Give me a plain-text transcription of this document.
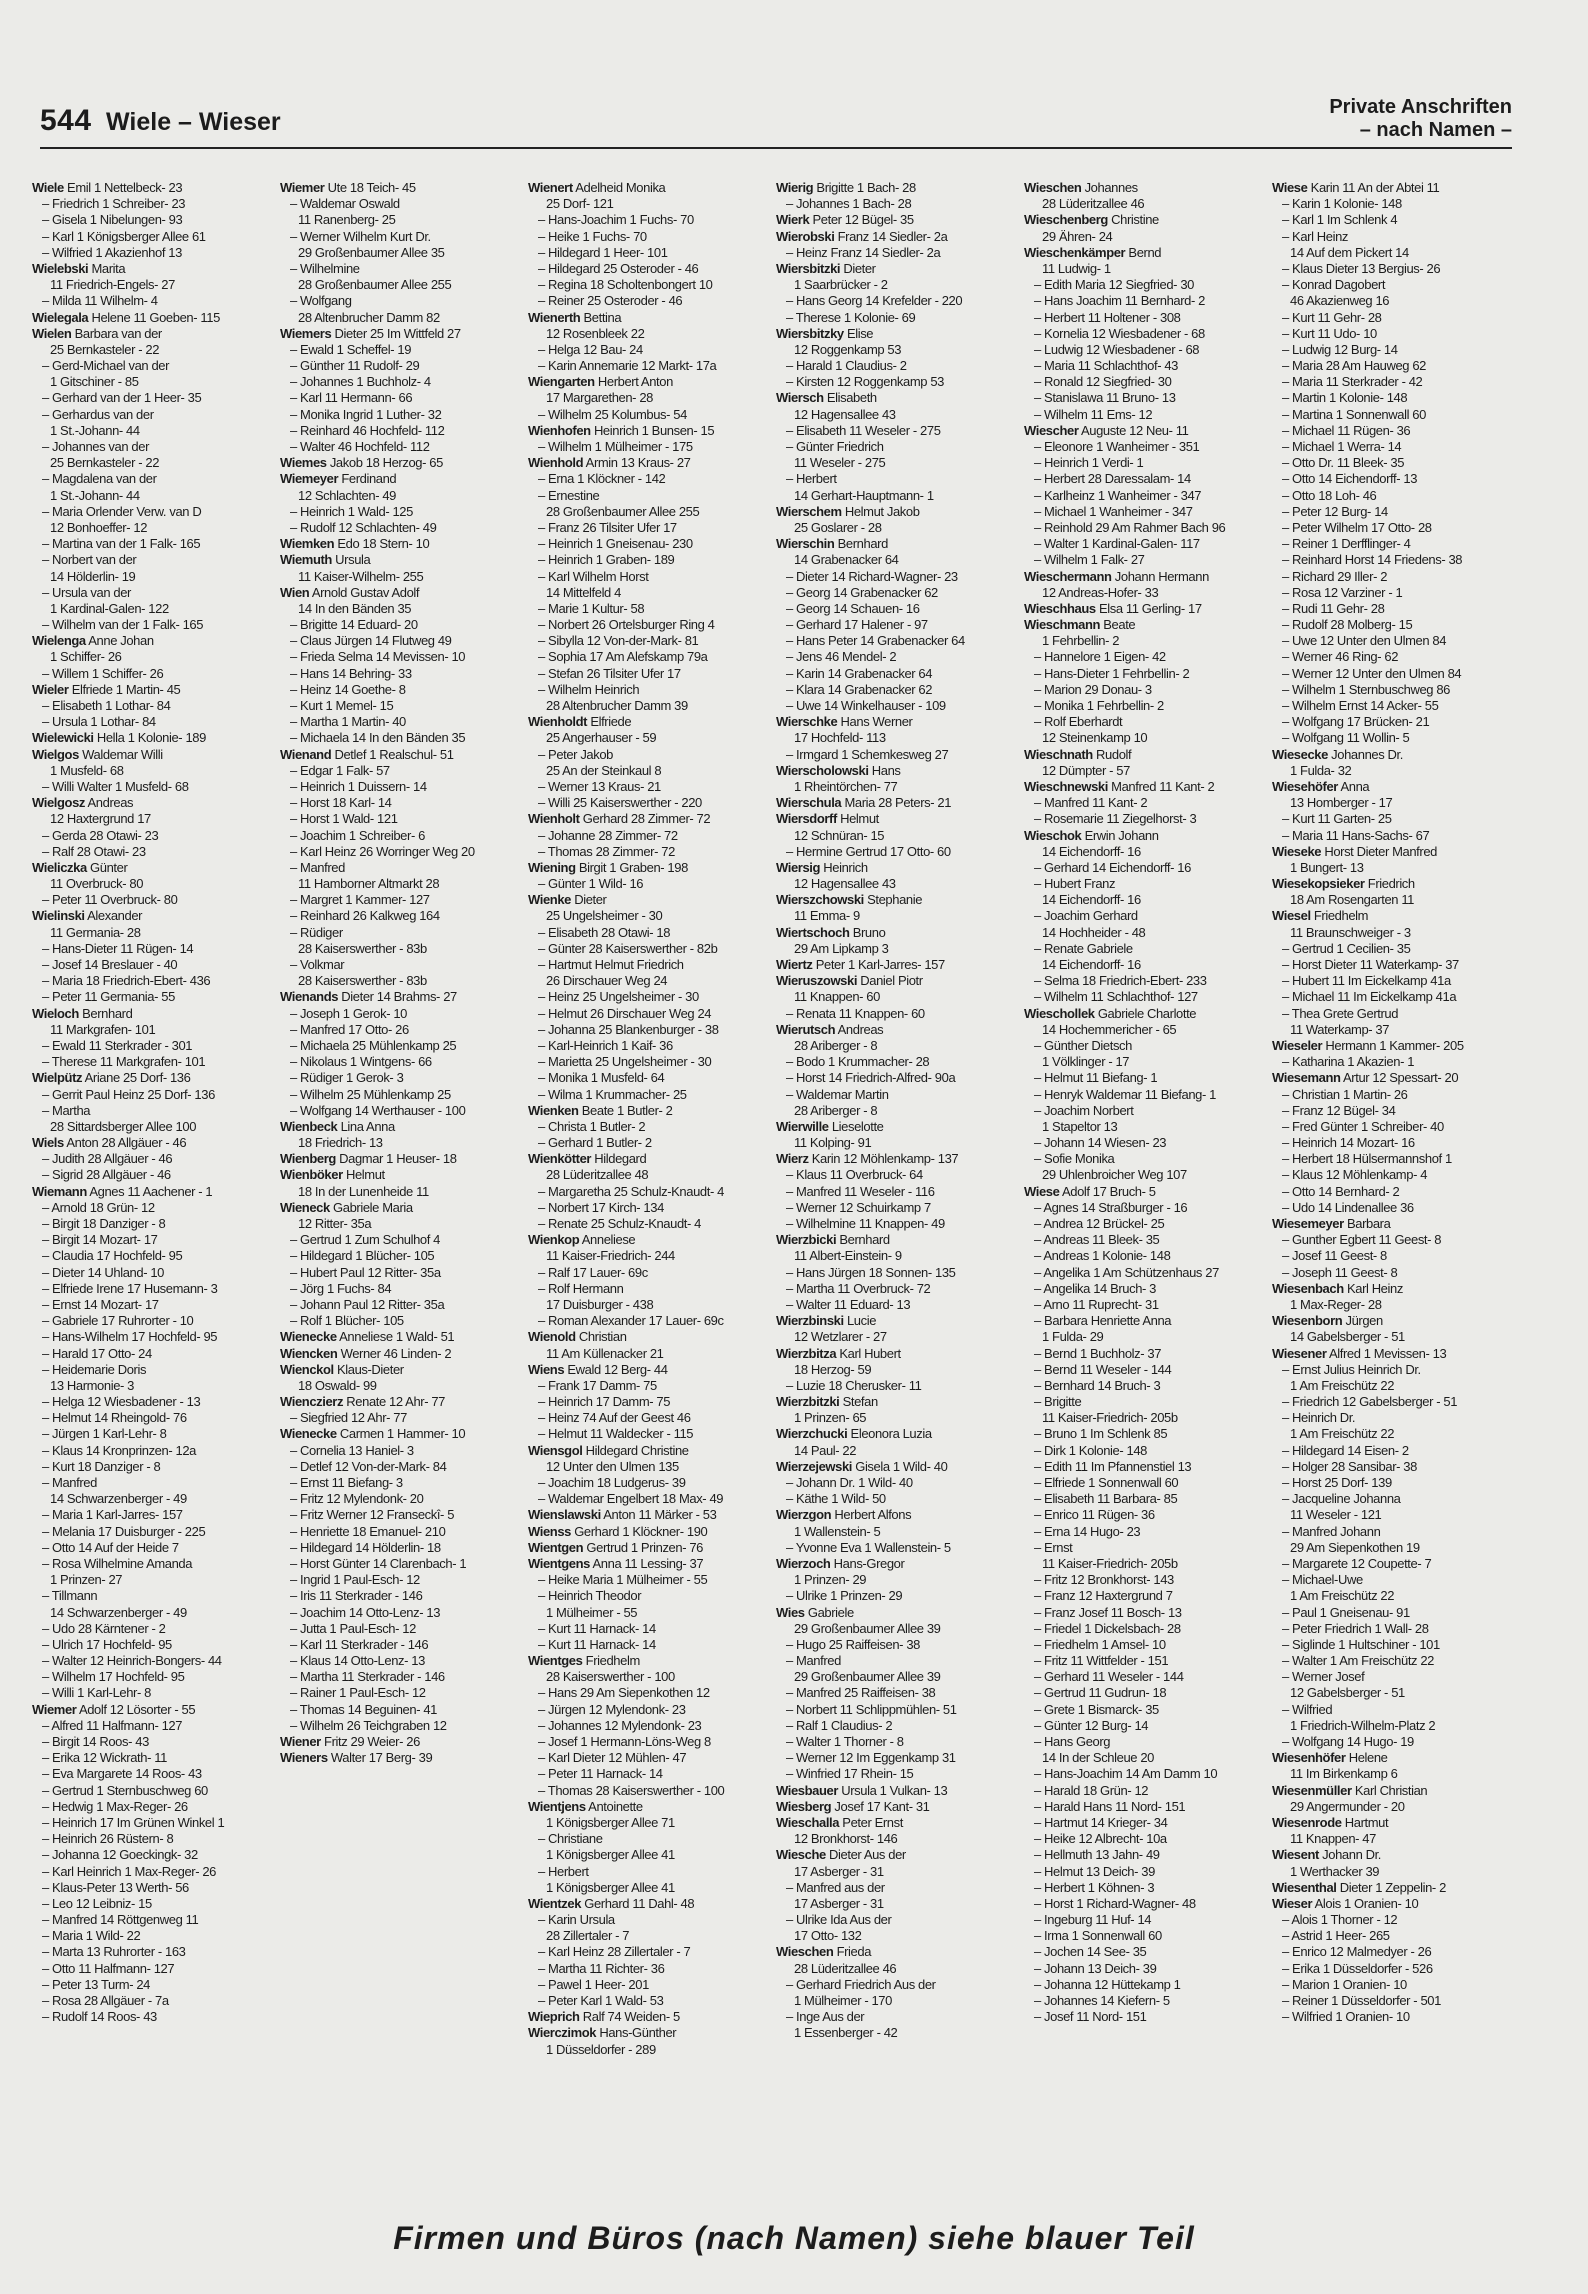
544 Wiele – Wieser
Private Anschriften
– nach Namen –
Wiele Emil 1 Nettelbeck- 23
– Friedrich 1 Schreiber- 23
– Gisela 1 Nibelungen- 93
– Karl 1 Königsberger Allee 61
– Wilfried 1 Akazienhof 13
Wielebski Marita
11 Friedrich-Engels- 27
– Milda 11 Wilhelm- 4
Wielegala Helene 11 Goeben- 115
Wielen Barbara van der
25 Bernkasteler - 22
– Gerd-Michael van der
1 Gitschiner - 85
– Gerhard van der 1 Heer- 35
– Gerhardus van der
1 St.-Johann- 44
– Johannes van der
25 Bernkasteler - 22
– Magdalena van der
1 St.-Johann- 44
– Maria Orlender Verw. van D
12 Bonhoeffer- 12
– Martina van der 1 Falk- 165
– Norbert van der
14 Hölderlin- 19
– Ursula van der
1 Kardinal-Galen- 122
– Wilhelm van der 1 Falk- 165
Wielenga Anne Johan
1 Schiffer- 26
– Willem 1 Schiffer- 26
Wieler Elfriede 1 Martin- 45
– Elisabeth 1 Lothar- 84
– Ursula 1 Lothar- 84
Wielewicki Hella 1 Kolonie- 189
Wielgos Waldemar Willi
1 Musfeld- 68
– Willi Walter 1 Musfeld- 68
Wielgosz Andreas
12 Haxtergrund 17
– Gerda 28 Otawi- 23
– Ralf 28 Otawi- 23
Wieliczka Günter
11 Overbruck- 80
– Peter 11 Overbruck- 80
Wielinski Alexander
11 Germania- 28
– Hans-Dieter 11 Rügen- 14
– Josef 14 Breslauer - 40
– Maria 18 Friedrich-Ebert- 436
– Peter 11 Germania- 55
Wieloch Bernhard
11 Markgrafen- 101
– Ewald 11 Sterkrader - 301
– Therese 11 Markgrafen- 101
Wielpütz Ariane 25 Dorf- 136
– Gerrit Paul Heinz 25 Dorf- 136
– Martha
28 Sittardsberger Allee 100
Wiels Anton 28 Allgäuer - 46
– Judith 28 Allgäuer - 46
– Sigrid 28 Allgäuer - 46
Wiemann Agnes 11 Aachener - 1
– Arnold 18 Grün- 12
– Birgit 18 Danziger - 8
– Birgit 14 Mozart- 17
– Claudia 17 Hochfeld- 95
– Dieter 14 Uhland- 10
– Elfriede Irene 17 Husemann- 3
– Ernst 14 Mozart- 17
– Gabriele 17 Ruhrorter - 10
– Hans-Wilhelm 17 Hochfeld- 95
– Harald 17 Otto- 24
– Heidemarie Doris
13 Harmonie- 3
– Helga 12 Wiesbadener - 13
– Helmut 14 Rheingold- 76
– Jürgen 1 Karl-Lehr- 8
– Klaus 14 Kronprinzen- 12a
– Kurt 18 Danziger - 8
– Manfred
14 Schwarzenberger - 49
– Maria 1 Karl-Jarres- 157
– Melania 17 Duisburger - 225
– Otto 14 Auf der Heide 7
– Rosa Wilhelmine Amanda
1 Prinzen- 27
– Tillmann
14 Schwarzenberger - 49
– Udo 28 Kärntener - 2
– Ulrich 17 Hochfeld- 95
– Walter 12 Heinrich-Bongers- 44
– Wilhelm 17 Hochfeld- 95
– Willi 1 Karl-Lehr- 8
Wiemer Adolf 12 Lösorter - 55
– Alfred 11 Halfmann- 127
– Birgit 14 Roos- 43
– Erika 12 Wickrath- 11
– Eva Margarete 14 Roos- 43
– Gertrud 1 Sternbuschweg 60
– Hedwig 1 Max-Reger- 26
– Heinrich 17 Im Grünen Winkel 1
– Heinrich 26 Rüstern- 8
– Johanna 12 Goeckingk- 32
– Karl Heinrich 1 Max-Reger- 26
– Klaus-Peter 13 Werth- 56
– Leo 12 Leibniz- 15
– Manfred 14 Röttgenweg 11
– Maria 1 Wild- 22
– Marta 13 Ruhrorter - 163
– Otto 11 Halfmann- 127
– Peter 13 Turm- 24
– Rosa 28 Allgäuer - 7a
– Rudolf 14 Roos- 43
Wiemer Ute 18 Teich- 45
– Waldemar Oswald
11 Ranenberg- 25
– Werner Wilhelm Kurt Dr.
29 Großenbaumer Allee 35
– Wilhelmine
28 Großenbaumer Allee 255
– Wolfgang
28 Altenbrucher Damm 82
Wiemers Dieter 25 Im Wittfeld 27
– Ewald 1 Scheffel- 19
– Günther 11 Rudolf- 29
– Johannes 1 Buchholz- 4
– Karl 11 Hermann- 66
– Monika Ingrid 1 Luther- 32
– Reinhard 46 Hochfeld- 112
– Walter 46 Hochfeld- 112
Wiemes Jakob 18 Herzog- 65
Wiemeyer Ferdinand
12 Schlachten- 49
– Heinrich 1 Wald- 125
– Rudolf 12 Schlachten- 49
Wiemken Edo 18 Stern- 10
Wiemuth Ursula
11 Kaiser-Wilhelm- 255
Wien Arnold Gustav Adolf
14 In den Bänden 35
– Brigitte 14 Eduard- 20
– Claus Jürgen 14 Flutweg 49
– Frieda Selma 14 Mevissen- 10
– Hans 14 Behring- 33
– Heinz 14 Goethe- 8
– Kurt 1 Memel- 15
– Martha 1 Martin- 40
– Michaela 14 In den Bänden 35
Wienand Detlef 1 Realschul- 51
– Edgar 1 Falk- 57
– Heinrich 1 Duissern- 14
– Horst 18 Karl- 14
– Horst 1 Wald- 121
– Joachim 1 Schreiber- 6
– Karl Heinz 26 Worringer Weg 20
– Manfred
11 Hamborner Altmarkt 28
– Margret 1 Kammer- 127
– Reinhard 26 Kalkweg 164
– Rüdiger
28 Kaiserswerther - 83b
– Volkmar
28 Kaiserswerther - 83b
Wienands Dieter 14 Brahms- 27
– Joseph 1 Gerok- 10
– Manfred 17 Otto- 26
– Michaela 25 Mühlenkamp 25
– Nikolaus 1 Wintgens- 66
– Rüdiger 1 Gerok- 3
– Wilhelm 25 Mühlenkamp 25
– Wolfgang 14 Werthauser - 100
Wienbeck Lina Anna
18 Friedrich- 13
Wienberg Dagmar 1 Heuser- 18
Wienböker Helmut
18 In der Lunenheide 11
Wieneck Gabriele Maria
12 Ritter- 35a
– Gertrud 1 Zum Schulhof 4
– Hildegard 1 Blücher- 105
– Hubert Paul 12 Ritter- 35a
– Jörg 1 Fuchs- 84
– Johann Paul 12 Ritter- 35a
– Rolf 1 Blücher- 105
Wienecke Anneliese 1 Wald- 51
Wiencken Werner 46 Linden- 2
Wienckol Klaus-Dieter
18 Oswald- 99
Wienczierz Renate 12 Ahr- 77
– Siegfried 12 Ahr- 77
Wienecke Carmen 1 Hammer- 10
– Cornelia 13 Haniel- 3
– Detlef 12 Von-der-Mark- 84
– Ernst 11 Biefang- 3
– Fritz 12 Mylendonk- 20
– Fritz Werner 12 Franseckî- 5
– Henriette 18 Emanuel- 210
– Hildegard 14 Hölderlin- 18
– Horst Günter 14 Clarenbach- 1
– Ingrid 1 Paul-Esch- 12
– Iris 11 Sterkrader - 146
– Joachim 14 Otto-Lenz- 13
– Jutta 1 Paul-Esch- 12
– Karl 11 Sterkrader - 146
– Klaus 14 Otto-Lenz- 13
– Martha 11 Sterkrader - 146
– Rainer 1 Paul-Esch- 12
– Thomas 14 Beguinen- 41
– Wilhelm 26 Teichgraben 12
Wiener Fritz 29 Weier- 26
Wieners Walter 17 Berg- 39
Wienert Adelheid Monika
25 Dorf- 121
– Hans-Joachim 1 Fuchs- 70
– Heike 1 Fuchs- 70
– Hildegard 1 Heer- 101
– Hildegard 25 Osteroder - 46
– Regina 18 Scholtenbongert 10
– Reiner 25 Osteroder - 46
Wienerth Bettina
12 Rosenbleek 22
– Helga 12 Bau- 24
– Karin Annemarie 12 Markt- 17a
Wiengarten Herbert Anton
17 Margarethen- 28
– Wilhelm 25 Kolumbus- 54
Wienhofen Heinrich 1 Bunsen- 15
– Wilhelm 1 Mülheimer - 175
Wienhold Armin 13 Kraus- 27
– Erna 1 Klöckner - 142
– Ernestine
28 Großenbaumer Allee 255
– Franz 26 Tilsiter Ufer 17
– Heinrich 1 Gneisenau- 230
– Heinrich 1 Graben- 189
– Karl Wilhelm Horst
14 Mittelfeld 4
– Marie 1 Kultur- 58
– Norbert 26 Ortelsburger Ring 4
– Sibylla 12 Von-der-Mark- 81
– Sophia 17 Am Alefskamp 79a
– Stefan 26 Tilsiter Ufer 17
– Wilhelm Heinrich
28 Altenbrucher Damm 39
Wienholdt Elfriede
25 Angerhauser - 59
– Peter Jakob
25 An der Steinkaul 8
– Werner 13 Kraus- 21
– Willi 25 Kaiserswerther - 220
Wienholt Gerhard 28 Zimmer- 72
– Johanne 28 Zimmer- 72
– Thomas 28 Zimmer- 72
Wiening Birgit 1 Graben- 198
– Günter 1 Wild- 16
Wienke Dieter
25 Ungelsheimer - 30
– Elisabeth 28 Otawi- 18
– Günter 28 Kaiserswerther - 82b
– Hartmut Helmut Friedrich
26 Dirschauer Weg 24
– Heinz 25 Ungelsheimer - 30
– Helmut 26 Dirschauer Weg 24
– Johanna 25 Blankenburger - 38
– Karl-Heinrich 1 Kaif- 36
– Marietta 25 Ungelsheimer - 30
– Monika 1 Musfeld- 64
– Wilma 1 Krummacher- 25
Wienken Beate 1 Butler- 2
– Christa 1 Butler- 2
– Gerhard 1 Butler- 2
Wienkötter Hildegard
28 Lüderitzallee 48
– Margaretha 25 Schulz-Knaudt- 4
– Norbert 17 Kirch- 134
– Renate 25 Schulz-Knaudt- 4
Wienkop Anneliese
11 Kaiser-Friedrich- 244
– Ralf 17 Lauer- 69c
– Rolf Hermann
17 Duisburger - 438
– Roman Alexander 17 Lauer- 69c
Wienold Christian
11 Am Küllenacker 21
Wiens Ewald 12 Berg- 44
– Frank 17 Damm- 75
– Heinrich 17 Damm- 75
– Heinz 74 Auf der Geest 46
– Helmut 11 Waldecker - 115
Wiensgol Hildegard Christine
12 Unter den Ulmen 135
– Joachim 18 Ludgerus- 39
– Waldemar Engelbert 18 Max- 49
Wienslawski Anton 11 Märker - 53
Wienss Gerhard 1 Klöckner- 190
Wientgen Gertrud 1 Prinzen- 76
Wientgens Anna 11 Lessing- 37
– Heike Maria 1 Mülheimer - 55
– Heinrich Theodor
1 Mülheimer - 55
– Kurt 11 Harnack- 14
– Kurt 11 Harnack- 14
Wientges Friedhelm
28 Kaiserswerther - 100
– Hans 29 Am Siepenkothen 12
– Jürgen 12 Mylendonk- 23
– Johannes 12 Mylendonk- 23
– Josef 1 Hermann-Löns-Weg 8
– Karl Dieter 12 Mühlen- 47
– Peter 11 Harnack- 14
– Thomas 28 Kaiserswerther - 100
Wientjens Antoinette
1 Königsberger Allee 71
– Christiane
1 Königsberger Allee 41
– Herbert
1 Königsberger Allee 41
Wientzek Gerhard 11 Dahl- 48
– Karin Ursula
28 Zillertaler - 7
– Karl Heinz 28 Zillertaler - 7
– Martha 11 Richter- 36
– Pawel 1 Heer- 201
– Peter Karl 1 Wald- 53
Wieprich Ralf 74 Weiden- 5
Wierczimok Hans-Günther
1 Düsseldorfer - 289
Wierig Brigitte 1 Bach- 28
– Johannes 1 Bach- 28
Wierk Peter 12 Bügel- 35
Wierobski Franz 14 Siedler- 2a
– Heinz Franz 14 Siedler- 2a
Wiersbitzki Dieter
1 Saarbrücker - 2
– Hans Georg 14 Krefelder - 220
– Therese 1 Kolonie- 69
Wiersbitzky Elise
12 Roggenkamp 53
– Harald 1 Claudius- 2
– Kirsten 12 Roggenkamp 53
Wiersch Elisabeth
12 Hagensallee 43
– Elisabeth 11 Weseler - 275
– Günter Friedrich
11 Weseler - 275
– Herbert
14 Gerhart-Hauptmann- 1
Wierschem Helmut Jakob
25 Goslarer - 28
Wierschin Bernhard
14 Grabenacker 64
– Dieter 14 Richard-Wagner- 23
– Georg 14 Grabenacker 62
– Georg 14 Schauen- 16
– Gerhard 17 Halener - 97
– Hans Peter 14 Grabenacker 64
– Jens 46 Mendel- 2
– Karin 14 Grabenacker 64
– Klara 14 Grabenacker 62
– Uwe 14 Winkelhauser - 109
Wierschke Hans Werner
17 Hochfeld- 113
– Irmgard 1 Schemkesweg 27
Wierscholowski Hans
1 Rheintörchen- 77
Wierschula Maria 28 Peters- 21
Wiersdorff Helmut
12 Schnüran- 15
– Hermine Gertrud 17 Otto- 60
Wiersig Heinrich
12 Hagensallee 43
Wierszchowski Stephanie
11 Emma- 9
Wiertschoch Bruno
29 Am Lipkamp 3
Wiertz Peter 1 Karl-Jarres- 157
Wieruszowski Daniel Piotr
11 Knappen- 60
– Renata 11 Knappen- 60
Wierutsch Andreas
28 Ariberger - 8
– Bodo 1 Krummacher- 28
– Horst 14 Friedrich-Alfred- 90a
– Waldemar Martin
28 Ariberger - 8
Wierwille Lieselotte
11 Kolping- 91
Wierz Karin 12 Möhlenkamp- 137
– Klaus 11 Overbruck- 64
– Manfred 11 Weseler - 116
– Werner 12 Schuirkamp 7
– Wilhelmine 11 Knappen- 49
Wierzbicki Bernhard
11 Albert-Einstein- 9
– Hans Jürgen 18 Sonnen- 135
– Martha 11 Overbruck- 72
– Walter 11 Eduard- 13
Wierzbinski Lucie
12 Wetzlarer - 27
Wierzbitza Karl Hubert
18 Herzog- 59
– Luzie 18 Cherusker- 11
Wierzbitzki Stefan
1 Prinzen- 65
Wierzchucki Eleonora Luzia
14 Paul- 22
Wierzejewski Gisela 1 Wild- 40
– Johann Dr. 1 Wild- 40
– Käthe 1 Wild- 50
Wierzgon Herbert Alfons
1 Wallenstein- 5
– Yvonne Eva 1 Wallenstein- 5
Wierzoch Hans-Gregor
1 Prinzen- 29
– Ulrike 1 Prinzen- 29
Wies Gabriele
29 Großenbaumer Allee 39
– Hugo 25 Raiffeisen- 38
– Manfred
29 Großenbaumer Allee 39
– Manfred 25 Raiffeisen- 38
– Norbert 11 Schlippmühlen- 51
– Ralf 1 Claudius- 2
– Walter 1 Thorner - 8
– Werner 12 Im Eggenkamp 31
– Winfried 17 Rhein- 15
Wiesbauer Ursula 1 Vulkan- 13
Wiesberg Josef 17 Kant- 31
Wieschalla Peter Ernst
12 Bronkhorst- 146
Wiesche Dieter Aus der
17 Asberger - 31
– Manfred aus der
17 Asberger - 31
– Ulrike Ida Aus der
17 Otto- 132
Wieschen Frieda
28 Lüderitzallee 46
– Gerhard Friedrich Aus der
1 Mülheimer - 170
– Inge Aus der
1 Essenberger - 42
Wieschen Johannes
28 Lüderitzallee 46
Wieschenberg Christine
29 Ähren- 24
Wieschenkämper Bernd
11 Ludwig- 1
– Edith Maria 12 Siegfried- 30
– Hans Joachim 11 Bernhard- 2
– Herbert 11 Holtener - 308
– Kornelia 12 Wiesbadener - 68
– Ludwig 12 Wiesbadener - 68
– Maria 11 Schlachthof- 43
– Ronald 12 Siegfried- 30
– Stanislawa 11 Bruno- 13
– Wilhelm 11 Ems- 12
Wiescher Auguste 12 Neu- 11
– Eleonore 1 Wanheimer - 351
– Heinrich 1 Verdi- 1
– Herbert 28 Daressalam- 14
– Karlheinz 1 Wanheimer - 347
– Michael 1 Wanheimer - 347
– Reinhold 29 Am Rahmer Bach 96
– Walter 1 Kardinal-Galen- 117
– Wilhelm 1 Falk- 27
Wieschermann Johann Hermann
12 Andreas-Hofer- 33
Wieschhaus Elsa 11 Gerling- 17
Wieschmann Beate
1 Fehrbellin- 2
– Hannelore 1 Eigen- 42
– Hans-Dieter 1 Fehrbellin- 2
– Marion 29 Donau- 3
– Monika 1 Fehrbellin- 2
– Rolf Eberhardt
12 Steinenkamp 10
Wieschnath Rudolf
12 Dümpter - 57
Wieschnewski Manfred 11 Kant- 2
– Manfred 11 Kant- 2
– Rosemarie 11 Ziegelhorst- 3
Wieschok Erwin Johann
14 Eichendorff- 16
– Gerhard 14 Eichendorff- 16
– Hubert Franz
14 Eichendorff- 16
– Joachim Gerhard
14 Hochheider - 48
– Renate Gabriele
14 Eichendorff- 16
– Selma 18 Friedrich-Ebert- 233
– Wilhelm 11 Schlachthof- 127
Wieschollek Gabriele Charlotte
14 Hochemmericher - 65
– Günther Dietsch
1 Völklinger - 17
– Helmut 11 Biefang- 1
– Henryk Waldemar 11 Biefang- 1
– Joachim Norbert
1 Stapeltor 13
– Johann 14 Wiesen- 23
– Sofie Monika
29 Uhlenbroicher Weg 107
Wiese Adolf 17 Bruch- 5
– Agnes 14 Straßburger - 16
– Andrea 12 Brückel- 25
– Andreas 11 Bleek- 35
– Andreas 1 Kolonie- 148
– Angelika 1 Am Schützenhaus 27
– Angelika 14 Bruch- 3
– Arno 11 Ruprecht- 31
– Barbara Henriette Anna
1 Fulda- 29
– Bernd 1 Buchholz- 37
– Bernd 11 Weseler - 144
– Bernhard 14 Bruch- 3
– Brigitte
11 Kaiser-Friedrich- 205b
– Bruno 1 Im Schlenk 85
– Dirk 1 Kolonie- 148
– Edith 11 Im Pfannenstiel 13
– Elfriede 1 Sonnenwall 60
– Elisabeth 11 Barbara- 85
– Enrico 11 Rügen- 36
– Erna 14 Hugo- 23
– Ernst
11 Kaiser-Friedrich- 205b
– Fritz 12 Bronkhorst- 143
– Franz 12 Haxtergrund 7
– Franz Josef 11 Bosch- 13
– Friedel 1 Dickelsbach- 28
– Friedhelm 1 Amsel- 10
– Fritz 11 Wittfelder - 151
– Gerhard 11 Weseler - 144
– Gertrud 11 Gudrun- 18
– Grete 1 Bismarck- 35
– Günter 12 Burg- 14
– Hans Georg
14 In der Schleue 20
– Hans-Joachim 14 Am Damm 10
– Harald 18 Grün- 12
– Harald Hans 11 Nord- 151
– Hartmut 14 Krieger- 34
– Heike 12 Albrecht- 10a
– Hellmuth 13 Jahn- 49
– Helmut 13 Deich- 39
– Herbert 1 Köhnen- 3
– Horst 1 Richard-Wagner- 48
– Ingeburg 11 Huf- 14
– Irma 1 Sonnenwall 60
– Jochen 14 See- 35
– Johann 13 Deich- 39
– Johanna 12 Hüttekamp 1
– Johannes 14 Kiefern- 5
– Josef 11 Nord- 151
Wiese Karin 11 An der Abtei 11
– Karin 1 Kolonie- 148
– Karl 1 Im Schlenk 4
– Karl Heinz
14 Auf dem Pickert 14
– Klaus Dieter 13 Bergius- 26
– Konrad Dagobert
46 Akazienweg 16
– Kurt 11 Gehr- 28
– Kurt 11 Udo- 10
– Ludwig 12 Burg- 14
– Maria 28 Am Hauweg 62
– Maria 11 Sterkrader - 42
– Martin 1 Kolonie- 148
– Martina 1 Sonnenwall 60
– Michael 11 Rügen- 36
– Michael 1 Werra- 14
– Otto Dr. 11 Bleek- 35
– Otto 14 Eichendorff- 13
– Otto 18 Loh- 46
– Peter 12 Burg- 14
– Peter Wilhelm 17 Otto- 28
– Reiner 1 Derfflinger- 4
– Reinhard Horst 14 Friedens- 38
– Richard 29 Iller- 2
– Rosa 12 Varziner - 1
– Rudi 11 Gehr- 28
– Rudolf 28 Molberg- 15
– Uwe 12 Unter den Ulmen 84
– Werner 46 Ring- 62
– Werner 12 Unter den Ulmen 84
– Wilhelm 1 Sternbuschweg 86
– Wilhelm Ernst 14 Acker- 55
– Wolfgang 17 Brücken- 21
– Wolfgang 11 Wollin- 5
Wiesecke Johannes Dr.
1 Fulda- 32
Wiesehöfer Anna
13 Homberger - 17
– Kurt 11 Garten- 25
– Maria 11 Hans-Sachs- 67
Wieseke Horst Dieter Manfred
1 Bungert- 13
Wiesekopsieker Friedrich
18 Am Rosengarten 11
Wiesel Friedhelm
11 Braunschweiger - 3
– Gertrud 1 Cecilien- 35
– Horst Dieter 11 Waterkamp- 37
– Hubert 11 Im Eickelkamp 41a
– Michael 11 Im Eickelkamp 41a
– Thea Grete Gertrud
11 Waterkamp- 37
Wieseler Hermann 1 Kammer- 205
– Katharina 1 Akazien- 1
Wiesemann Artur 12 Spessart- 20
– Christian 1 Martin- 26
– Franz 12 Bügel- 34
– Fred Günter 1 Schreiber- 40
– Heinrich 14 Mozart- 16
– Herbert 18 Hülsermannshof 1
– Klaus 12 Möhlenkamp- 4
– Otto 14 Bernhard- 2
– Udo 14 Lindenallee 36
Wiesemeyer Barbara
– Gunther Egbert 11 Geest- 8
– Josef 11 Geest- 8
– Joseph 11 Geest- 8
Wiesenbach Karl Heinz
1 Max-Reger- 28
Wiesenborn Jürgen
14 Gabelsberger - 51
Wiesener Alfred 1 Mevissen- 13
– Ernst Julius Heinrich Dr.
1 Am Freischütz 22
– Friedrich 12 Gabelsberger - 51
– Heinrich Dr.
1 Am Freischütz 22
– Hildegard 14 Eisen- 2
– Holger 28 Sansibar- 38
– Horst 25 Dorf- 139
– Jacqueline Johanna
11 Weseler - 121
– Manfred Johann
29 Am Siepenkothen 19
– Margarete 12 Coupette- 7
– Michael-Uwe
1 Am Freischütz 22
– Paul 1 Gneisenau- 91
– Peter Friedrich 1 Wall- 28
– Siglinde 1 Hultschiner - 101
– Walter 1 Am Freischütz 22
– Werner Josef
12 Gabelsberger - 51
– Wilfried
1 Friedrich-Wilhelm-Platz 2
– Wolfgang 14 Hugo- 19
Wiesenhöfer Helene
11 Im Birkenkamp 6
Wiesenmüller Karl Christian
29 Angermunder - 20
Wiesenrode Hartmut
11 Knappen- 47
Wiesent Johann Dr.
1 Werthacker 39
Wiesenthal Dieter 1 Zeppelin- 2
Wieser Alois 1 Oranien- 10
– Alois 1 Thorner - 12
– Astrid 1 Heer- 265
– Enrico 12 Malmedyer - 26
– Erika 1 Düsseldorfer - 526
– Marion 1 Oranien- 10
– Reiner 1 Düsseldorfer - 501
– Wilfried 1 Oranien- 10
Firmen und Büros (nach Namen) siehe blauer Teil
